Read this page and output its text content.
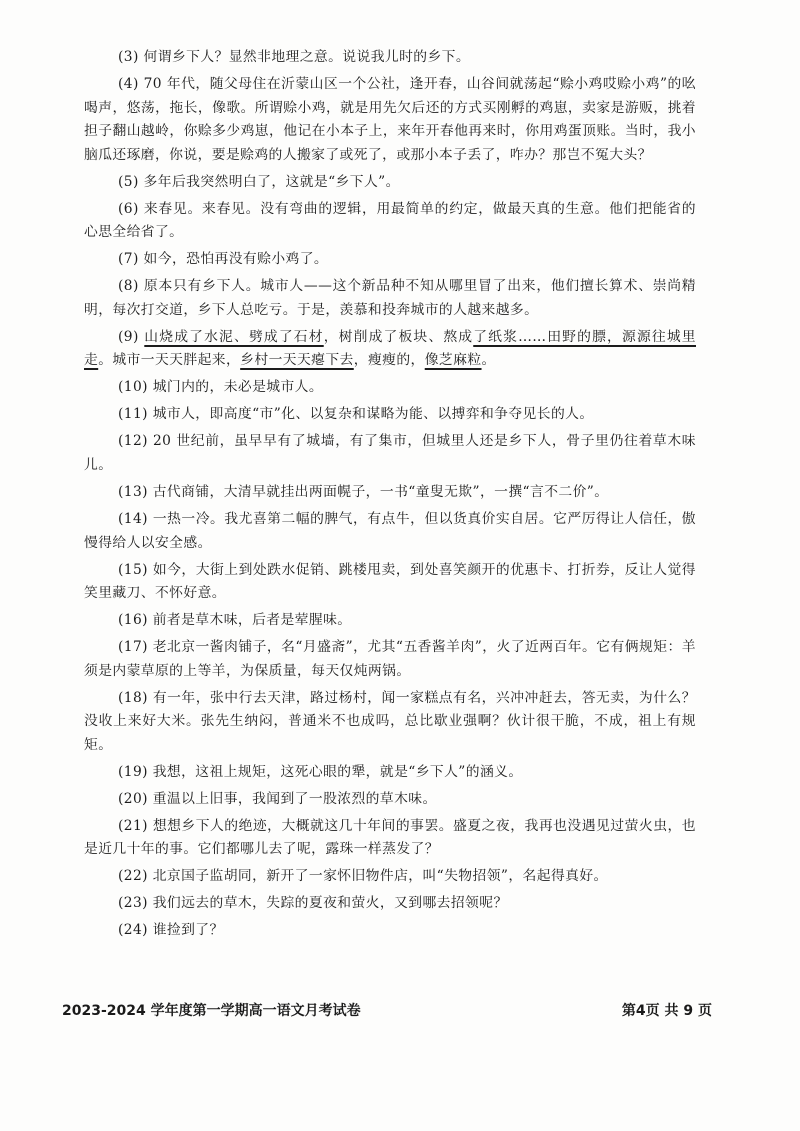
(3) 何谓乡下人？显然非地理之意。说说我儿时的乡下。

(4) 70 年代，随父母住在沂蒙山区一个公社，逢开春，山谷间就荡起“赊小鸡哎赊小鸡”的吆喝声，悠荡，拖长，像歌。所谓赊小鸡，就是用先欠后还的方式买刚孵的鸡崽，卖家是游贩，挑着担子翻山越岭，你赊多少鸡崽，他记在小本子上，来年开春他再来时，你用鸡蛋顶账。当时，我小脑瓜还琢磨，你说，要是赊鸡的人搬家了或死了，或那小本子丢了，咋办？那岂不冤大头？

(5) 多年后我突然明白了，这就是“乡下人”。

(6) 来春见。来春见。没有弯曲的逻辑，用最简单的约定，做最天真的生意。他们把能省的心思全给省了。

(7) 如今，恐怕再没有赊小鸡了。

(8) 原本只有乡下人。城市人——这个新品种不知从哪里冒了出来，他们擅长算术、崇尚精明，每次打交道，乡下人总吃亏。于是，羡慕和投奔城市的人越来越多。

(9) 山烧成了水泥、劈成了石材，树削成了板块、熬成了纸浆……田野的膘，源源往城里走。城市一天天胖起来，乡村一天天瘪下去，瘦瘦的，像芝麻粒。

(10) 城门内的，未必是城市人。

(11) 城市人，即高度“市”化、以复杂和谋略为能、以搏弈和争夺见长的人。

(12) 20 世纪前，虽早早有了城墙，有了集市，但城里人还是乡下人，骨子里仍往着草木味儿。

(13) 古代商铺，大清早就挂出两面幌子，一书“童叟无欺”，一撰“言不二价”。

(14) 一热一冷。我尤喜第二幅的脾气，有点牛，但以货真价实自居。它严厉得让人信任，傲慢得给人以安全感。

(15) 如今，大街上到处跌水促销、跳楼甩卖，到处喜笑颜开的优惠卡、打折券，反让人觉得笑里藏刀、不怀好意。

(16) 前者是草木味，后者是荤腥味。

(17) 老北京一酱肉铺子，名“月盛斋”，尤其“五香酱羊肉”，火了近两百年。它有俩规矩：羊须是内蒙草原的上等羊，为保质量，每天仅炖两锅。

(18) 有一年，张中行去天津，路过杨村，闻一家糕点有名，兴冲冲赶去，答无卖，为什么？没收上来好大米。张先生纳闷，普通米不也成吗，总比歇业强啊？伙计很干脆，不成，祖上有规矩。

(19) 我想，这祖上规矩，这死心眼的犟，就是“乡下人”的涵义。

(20) 重温以上旧事，我闻到了一股浓烈的草木味。

(21) 想想乡下人的绝迹，大概就这几十年间的事罢。盛夏之夜，我再也没遇见过萤火虫，也是近几十年的事。它们都哪儿去了呢，露珠一样蒸发了？

(22) 北京国子监胡同，新开了一家怀旧物件店，叫“失物招领”，名起得真好。

(23) 我们远去的草木，失踪的夏夜和萤火，又到哪去招领呢？

(24) 谁捡到了？

2023-2024 学年度第一学期高一语文月考试卷	第4页 共 9 页
